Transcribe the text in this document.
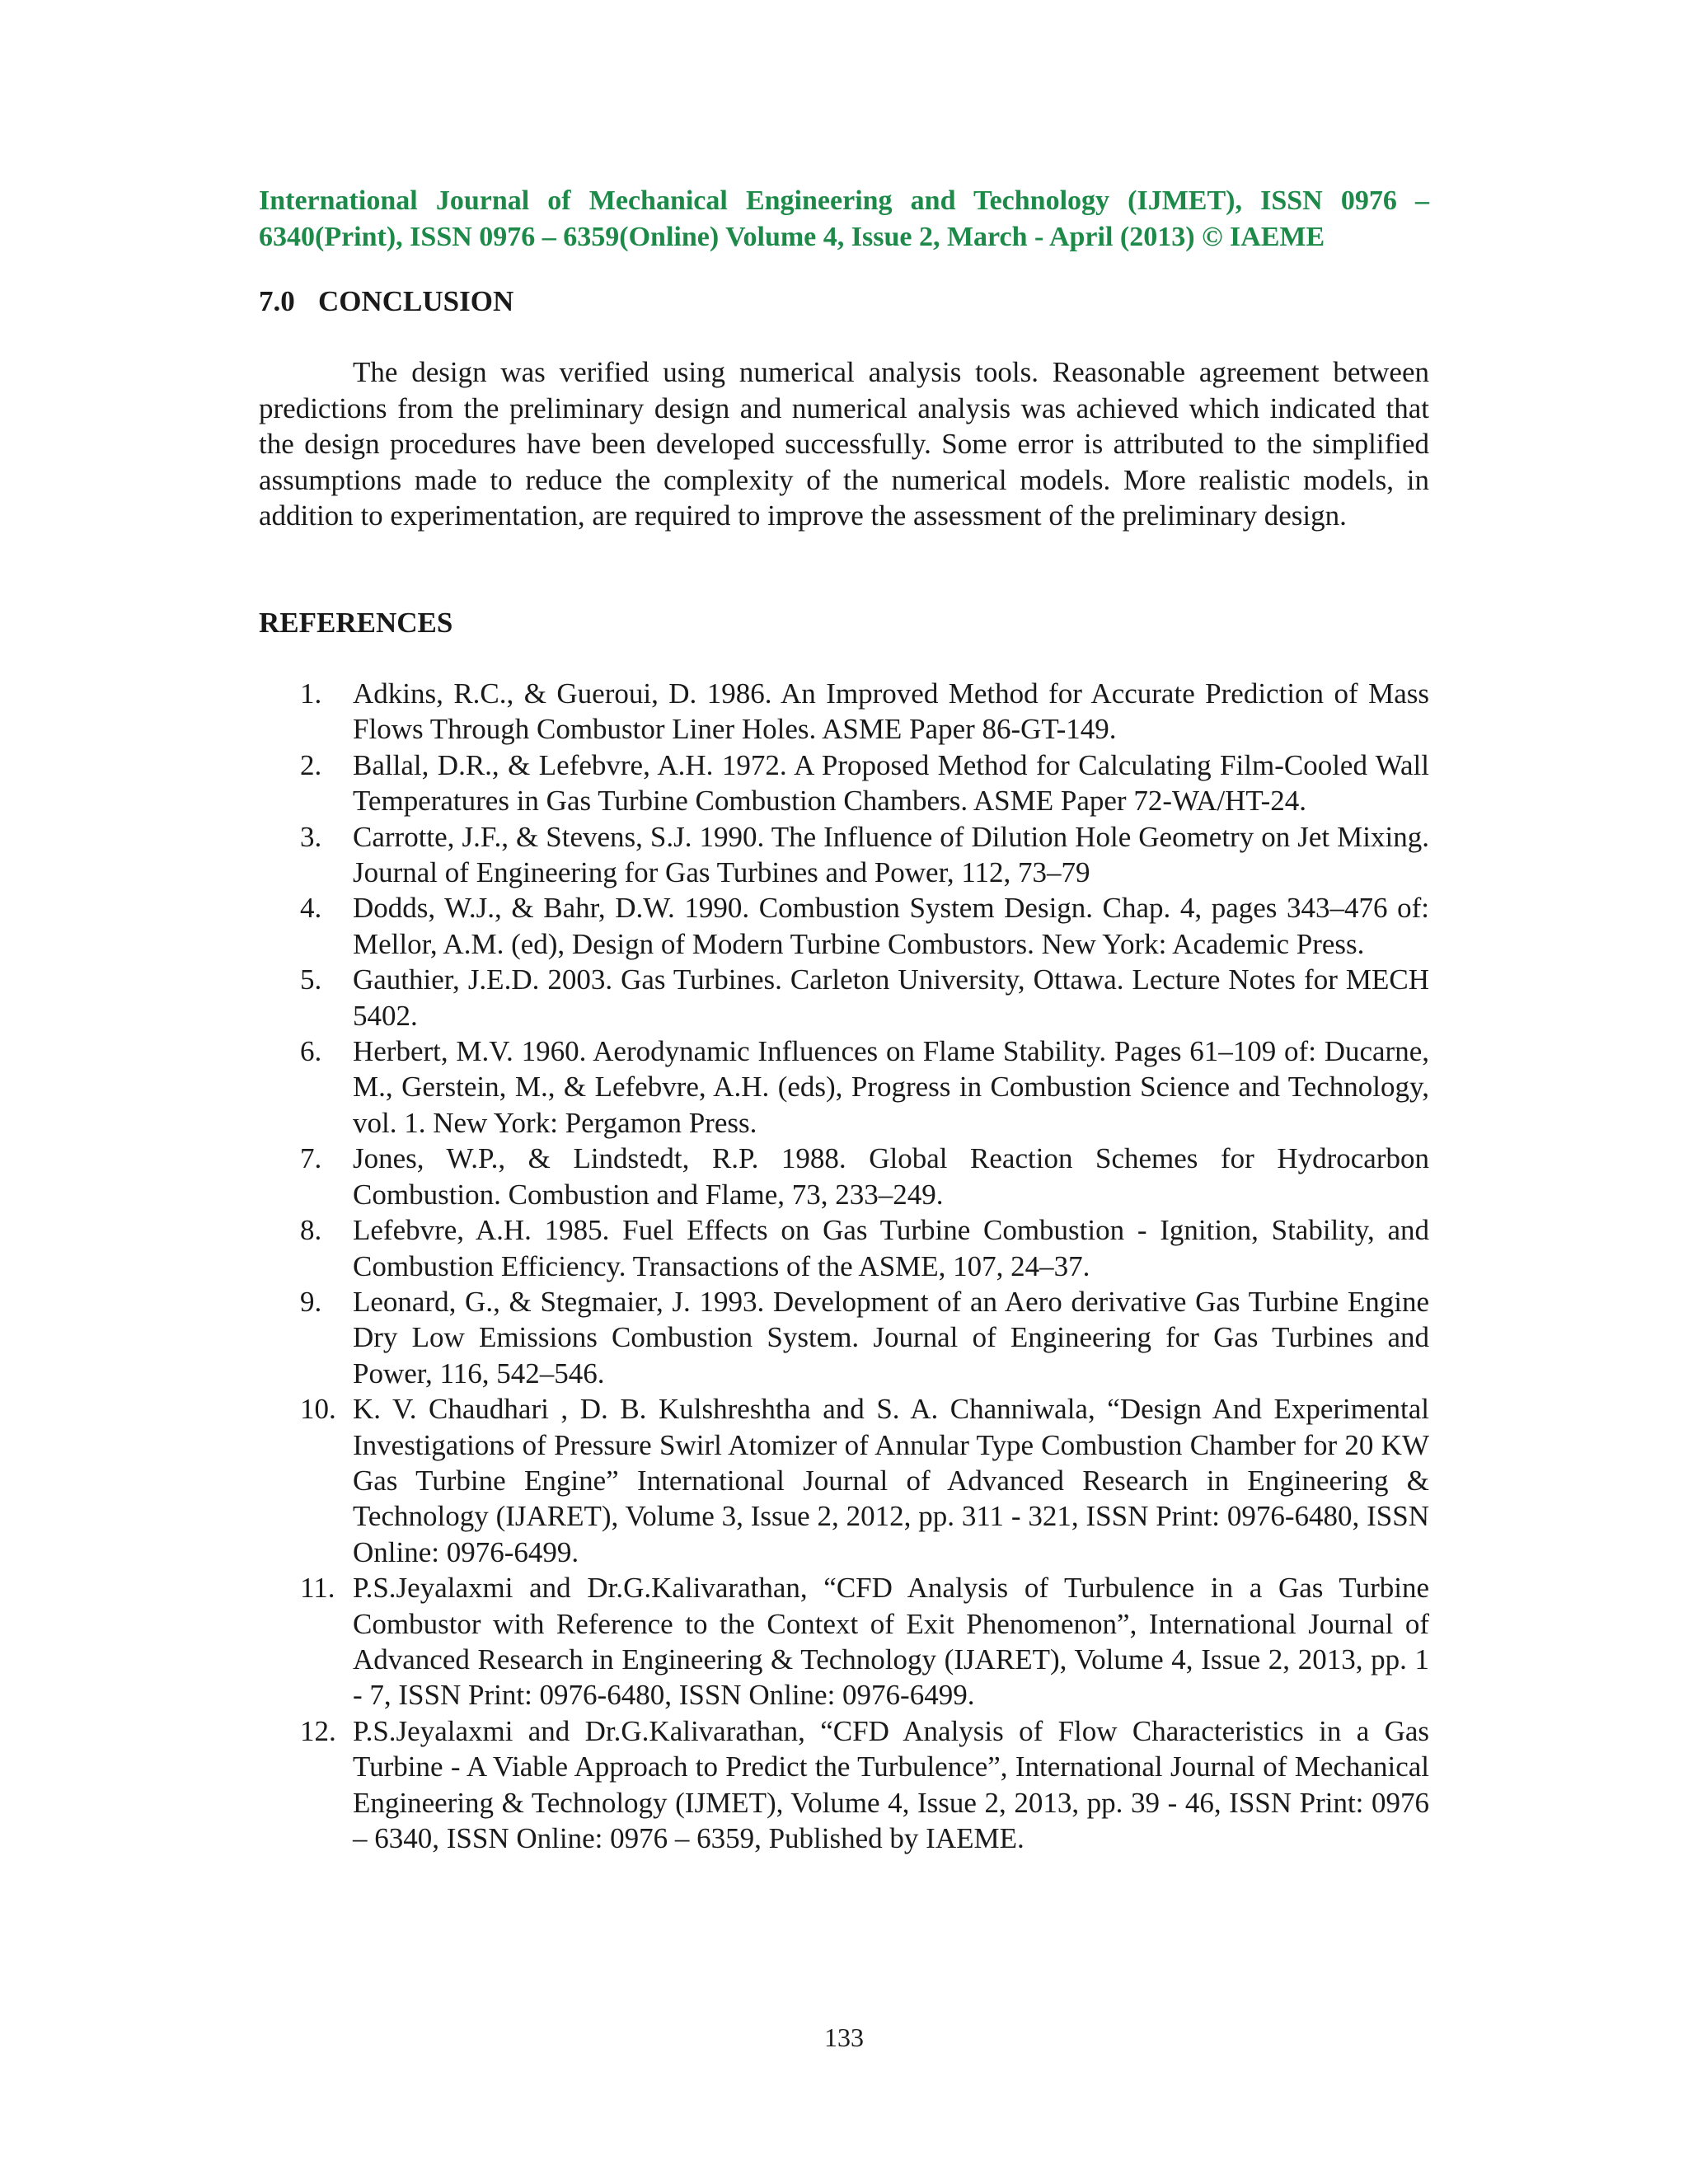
International Journal of Mechanical Engineering and Technology (IJMET), ISSN 0976 –
6340(Print), ISSN 0976 – 6359(Online) Volume 4, Issue 2, March - April (2013) © IAEME
7.0 CONCLUSION

The design was verified using numerical analysis tools. Reasonable agreement between predictions from the preliminary design and numerical analysis was achieved which indicated that the design procedures have been developed successfully. Some error is attributed to the simplified assumptions made to reduce the complexity of the numerical models. More realistic models, in addition to experimentation, are required to improve the assessment of the preliminary design.

REFERENCES
1. Adkins, R.C., & Gueroui, D. 1986. An Improved Method for Accurate Prediction of Mass Flows Through Combustor Liner Holes. ASME Paper 86-GT-149.
2. Ballal, D.R., & Lefebvre, A.H. 1972. A Proposed Method for Calculating Film-Cooled Wall Temperatures in Gas Turbine Combustion Chambers. ASME Paper 72-WA/HT-24.
3. Carrotte, J.F., & Stevens, S.J. 1990. The Influence of Dilution Hole Geometry on Jet Mixing. Journal of Engineering for Gas Turbines and Power, 112, 73–79
4. Dodds, W.J., & Bahr, D.W. 1990. Combustion System Design. Chap. 4, pages 343–476 of: Mellor, A.M. (ed), Design of Modern Turbine Combustors. New York: Academic Press.
5. Gauthier, J.E.D. 2003. Gas Turbines. Carleton University, Ottawa. Lecture Notes for MECH 5402.
6. Herbert, M.V. 1960. Aerodynamic Influences on Flame Stability. Pages 61–109 of: Ducarne, M., Gerstein, M., & Lefebvre, A.H. (eds), Progress in Combustion Science and Technology, vol. 1. New York: Pergamon Press.
7. Jones, W.P., & Lindstedt, R.P. 1988. Global Reaction Schemes for Hydrocarbon Combustion. Combustion and Flame, 73, 233–249.
8. Lefebvre, A.H. 1985. Fuel Effects on Gas Turbine Combustion - Ignition, Stability, and Combustion Efficiency. Transactions of the ASME, 107, 24–37.
9. Leonard, G., & Stegmaier, J. 1993. Development of an Aero derivative Gas Turbine Engine Dry Low Emissions Combustion System. Journal of Engineering for Gas Turbines and Power, 116, 542–546.
10. K. V. Chaudhari , D. B. Kulshreshtha and S. A. Channiwala, “Design And Experimental Investigations of Pressure Swirl Atomizer of Annular Type Combustion Chamber for 20 KW Gas Turbine Engine” International Journal of Advanced Research in Engineering & Technology (IJARET), Volume 3, Issue 2, 2012, pp. 311 - 321, ISSN Print: 0976-6480, ISSN Online: 0976-6499.
11. P.S.Jeyalaxmi and Dr.G.Kalivarathan, “CFD Analysis of Turbulence in a Gas Turbine Combustor with Reference to the Context of Exit Phenomenon”, International Journal of Advanced Research in Engineering & Technology (IJARET), Volume 4, Issue 2, 2013, pp. 1 - 7, ISSN Print: 0976-6480, ISSN Online: 0976-6499.
12. P.S.Jeyalaxmi and Dr.G.Kalivarathan, “CFD Analysis of Flow Characteristics in a Gas Turbine - A Viable Approach to Predict the Turbulence”, International Journal of Mechanical Engineering & Technology (IJMET), Volume 4, Issue 2, 2013, pp. 39 - 46, ISSN Print: 0976 – 6340, ISSN Online: 0976 – 6359, Published by IAEME.
133
